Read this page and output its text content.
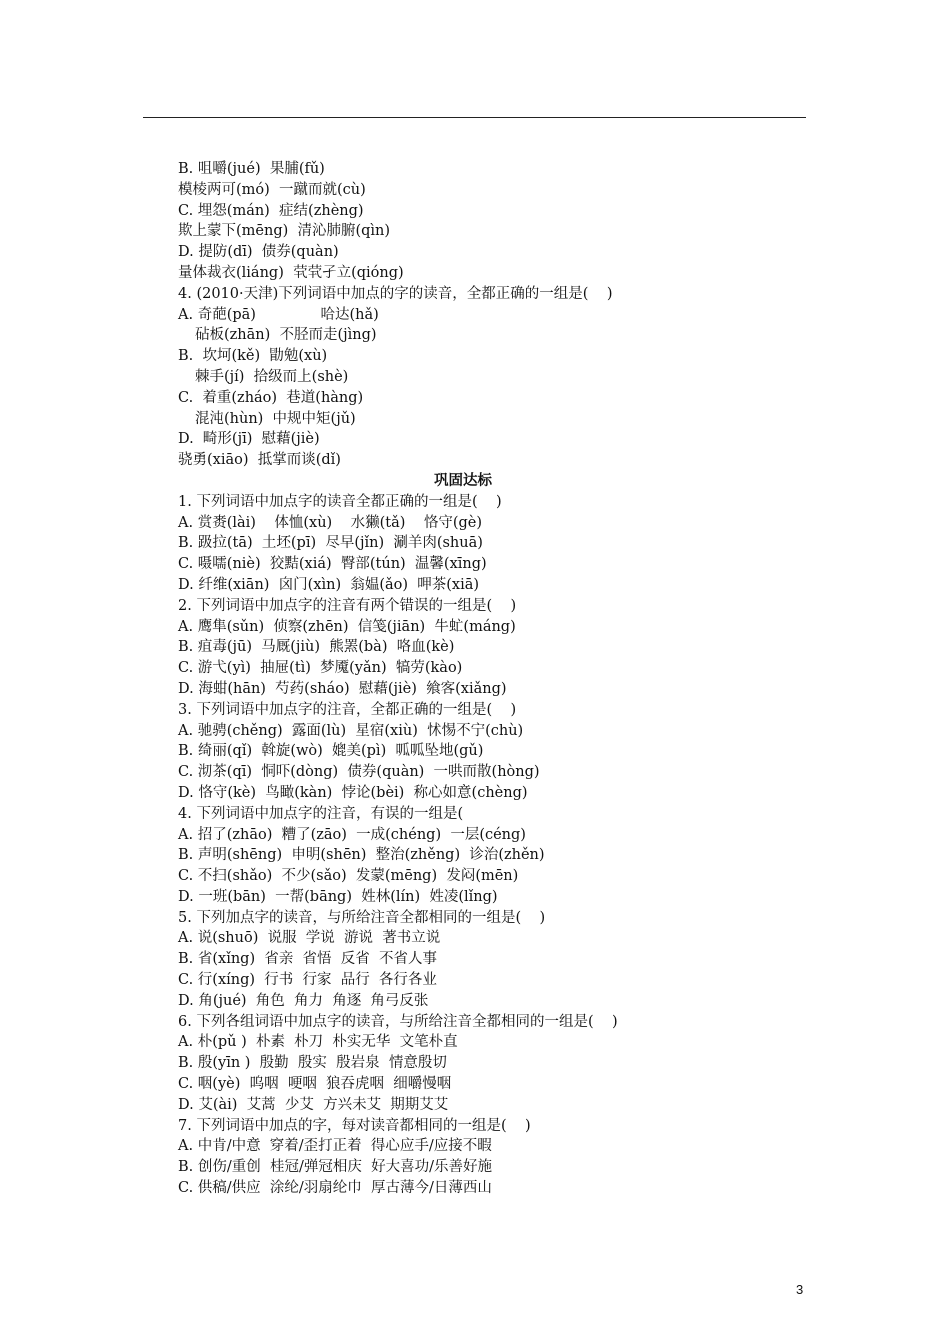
B. 咀嚼(jué)  果脯(fǔ)
模棱两可(mó)  一蹴而就(cù)
C. 埋怨(mán)  症结(zhèng)
欺上蒙下(mēng)  清沁肺腑(qìn)
D. 提防(dī)  债券(quàn)
量体裁衣(liáng)  茕茕孑立(qióng)
4. (2010·天津)下列词语中加点的字的读音，全都正确的一组是(    )
A. 奇葩(pā)              哈达(hǎ)
砧板(zhān)  不胫而走(jìng)
B.  坎坷(kě)  勖勉(xù)
棘手(jí)  拾级而上(shè)
C.  着重(zháo)  巷道(hàng)
混沌(hùn)  中规中矩(jǔ)
D.  畸形(jī)  慰藉(jiè)
骁勇(xiāo)  抵掌而谈(dǐ)
巩固达标
1. 下列词语中加点字的读音全都正确的一组是(    )
A. 赏赉(lài)    体恤(xù)    水獭(tǎ)    恪守(gè)
B. 趿拉(tā)  土坯(pī)  尽早(jǐn)  涮羊肉(shuā)
C. 嗫嚅(niè)  狡黠(xiá)  臀部(tún)  温馨(xīng)
D. 纤维(xiān)  囟门(xìn)  翁媪(ǎo)  呷茶(xiā)
2. 下列词语中加点字的注音有两个错误的一组是(    )
A. 鹰隼(sǔn)  侦察(zhēn)  信笺(jiān)  牛虻(máng)
B. 疽毒(jū)  马厩(jiù)  熊罴(bà)  咯血(kè)
C. 游弋(yì)  抽屉(tì)  梦魇(yǎn)  犒劳(kào)
D. 海蚶(hān)  芍药(sháo)  慰藉(jiè)  飨客(xiǎng)
3. 下列词语中加点字的注音，全都正确的一组是(    )
A. 驰骋(chěng)  露面(lù)  星宿(xiù)  怵惕不宁(chù)
B. 绮丽(qǐ)  斡旋(wò)  媲美(pì)  呱呱坠地(gǔ)
C. 沏茶(qī)  恫吓(dòng)  债券(quàn)  一哄而散(hòng)
D. 恪守(kè)  鸟瞰(kàn)  悖论(bèi)  称心如意(chèng)
4. 下列词语中加点字的注音，有误的一组是(
A. 招了(zhāo)  糟了(zāo)  一成(chéng)  一层(céng)
B. 声明(shēng)  申明(shēn)  整治(zhěng)  诊治(zhěn)
C. 不扫(shǎo)  不少(sǎo)  发蒙(mēng)  发闷(mēn)
D. 一班(bān)  一帮(bāng)  姓林(lín)  姓凌(lǐng)
5. 下列加点字的读音，与所给注音全都相同的一组是(    )
A. 说(shuō)  说服  学说  游说  著书立说
B. 省(xǐng)  省亲  省悟  反省  不省人事
C. 行(xíng)  行书  行家  品行  各行各业
D. 角(jué)  角色  角力  角逐  角弓反张
6. 下列各组词语中加点字的读音，与所给注音全都相同的一组是(    )
A. 朴(pǔ )  朴素  朴刀  朴实无华  文笔朴直
B. 殷(yīn )  殷勤  殷实  殷岩泉  情意殷切
C. 咽(yè)  呜咽  哽咽  狼吞虎咽  细嚼慢咽
D. 艾(ài)  艾蒿  少艾  方兴未艾  期期艾艾
7. 下列词语中加点的字，每对读音都相同的一组是(    )
A. 中肯/中意  穿着/歪打正着  得心应手/应接不暇
B. 创伤/重创  桂冠/弹冠相庆  好大喜功/乐善好施
C. 供稿/供应  涂纶/羽扇纶巾  厚古薄今/日薄西山
3
